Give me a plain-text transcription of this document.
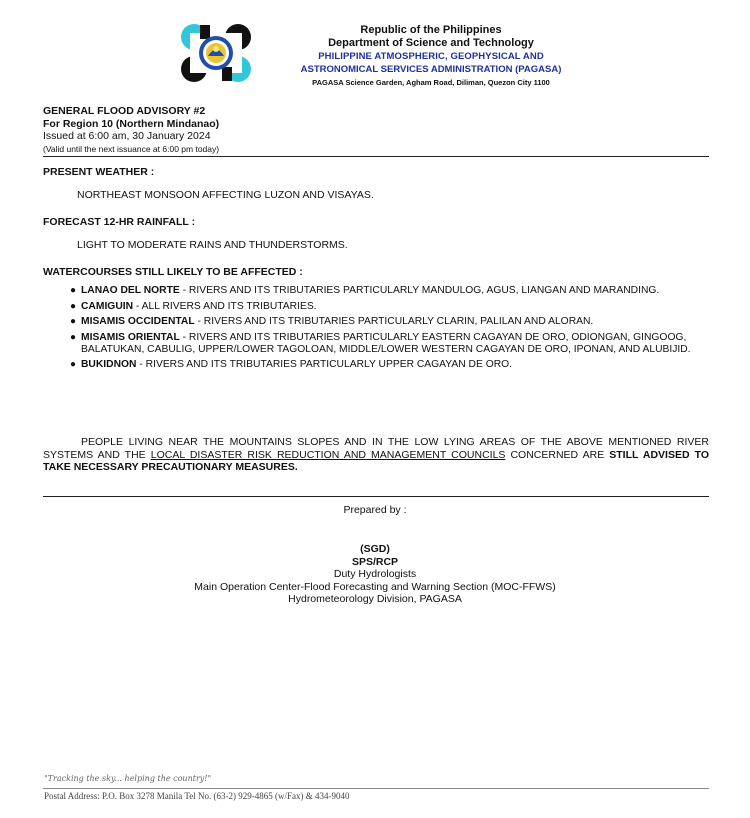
Republic of the Philippines
Department of Science and Technology
PHILIPPINE ATMOSPHERIC, GEOPHYSICAL AND
ASTRONOMICAL SERVICES ADMINISTRATION (PAGASA)
PAGASA Science Garden, Agham Road, Diliman, Quezon City 1100
GENERAL FLOOD ADVISORY #2
For Region 10 (Northern Mindanao)
Issued at 6:00 am, 30 January 2024
(Valid until the next issuance at 6:00 pm today)
PRESENT WEATHER :
NORTHEAST MONSOON AFFECTING LUZON AND VISAYAS.
FORECAST 12-HR RAINFALL :
LIGHT TO MODERATE RAINS AND THUNDERSTORMS.
WATERCOURSES STILL LIKELY TO BE AFFECTED :
● LANAO DEL NORTE - RIVERS AND ITS TRIBUTARIES PARTICULARLY MANDULOG, AGUS, LIANGAN AND MARANDING.
● CAMIGUIN - ALL RIVERS AND ITS TRIBUTARIES.
● MISAMIS OCCIDENTAL - RIVERS AND ITS TRIBUTARIES PARTICULARLY CLARIN, PALILAN AND ALORAN.
● MISAMIS ORIENTAL - RIVERS AND ITS TRIBUTARIES PARTICULARLY EASTERN CAGAYAN DE ORO, ODIONGAN, GINGOOG, BALATUKAN, CABULIG, UPPER/LOWER TAGOLOAN, MIDDLE/LOWER WESTERN CAGAYAN DE ORO, IPONAN, AND ALUBIJID.
● BUKIDNON - RIVERS AND ITS TRIBUTARIES PARTICULARLY UPPER CAGAYAN DE ORO.
PEOPLE LIVING NEAR THE MOUNTAINS SLOPES AND IN THE LOW LYING AREAS OF THE ABOVE MENTIONED RIVER SYSTEMS AND THE LOCAL DISASTER RISK REDUCTION AND MANAGEMENT COUNCILS CONCERNED ARE STILL ADVISED TO TAKE NECESSARY PRECAUTIONARY MEASURES.
Prepared by :
(SGD)
SPS/RCP
Duty Hydrologists
Main Operation Center-Flood Forecasting and Warning Section (MOC-FFWS)
Hydrometeorology Division, PAGASA
"Tracking the sky... helping the country!"
Postal Address: P.O. Box 3278 Manila Tel No. (63-2) 929-4865 (w/Fax) & 434-9040
